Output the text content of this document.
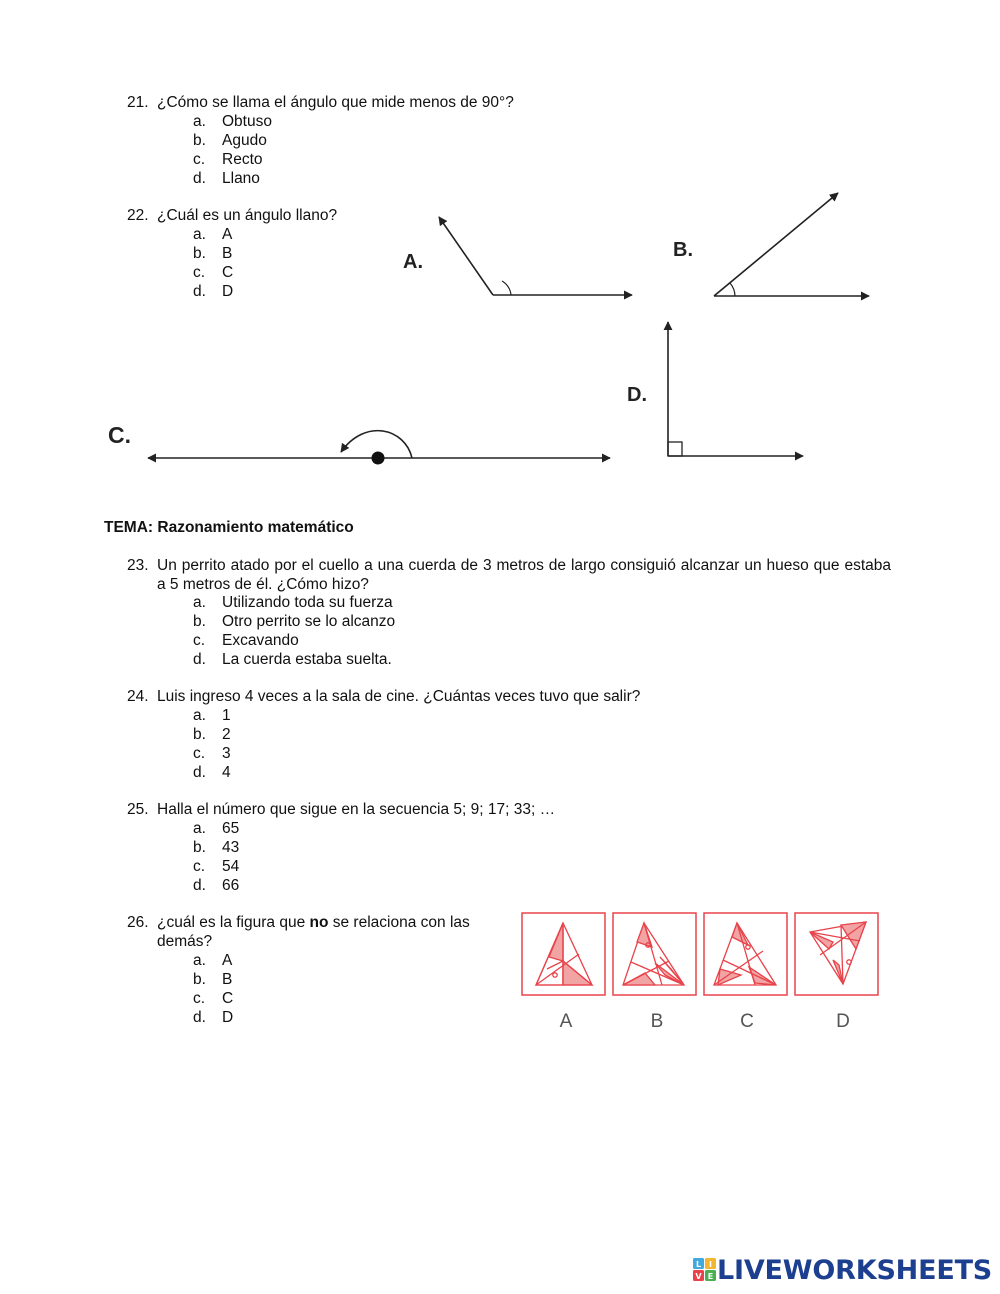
21. ¿Cómo se llama el ángulo que mide menos de 90°?
a. Obtuso
b. Agudo
c. Recto
d. Llano
22. ¿Cuál es un ángulo llano?
a. A
b. B
c. C
d. D
A.
B.
C.
D.
TEMA: Razonamiento matemático
23. Un perrito atado por el cuello a una cuerda de 3 metros de largo consiguió alcanzar un hueso que estaba a 5 metros de él. ¿Cómo hizo?
a. Utilizando toda su fuerza
b. Otro perrito se lo alcanzo
c. Excavando
d. La cuerda estaba suelta.
24. Luis ingreso 4 veces a la sala de cine. ¿Cuántas veces tuvo que salir?
a. 1
b. 2
c. 3
d. 4
25. Halla el número que sigue en la secuencia 5; 9; 17; 33; …
a. 65
b. 43
c. 54
d. 66
26. ¿cuál es la figura que no se relaciona con las
demás?
a. A
b. B
c. C
d. D	A	B	C	D
L I
V E LIVEWORKSHEETS
